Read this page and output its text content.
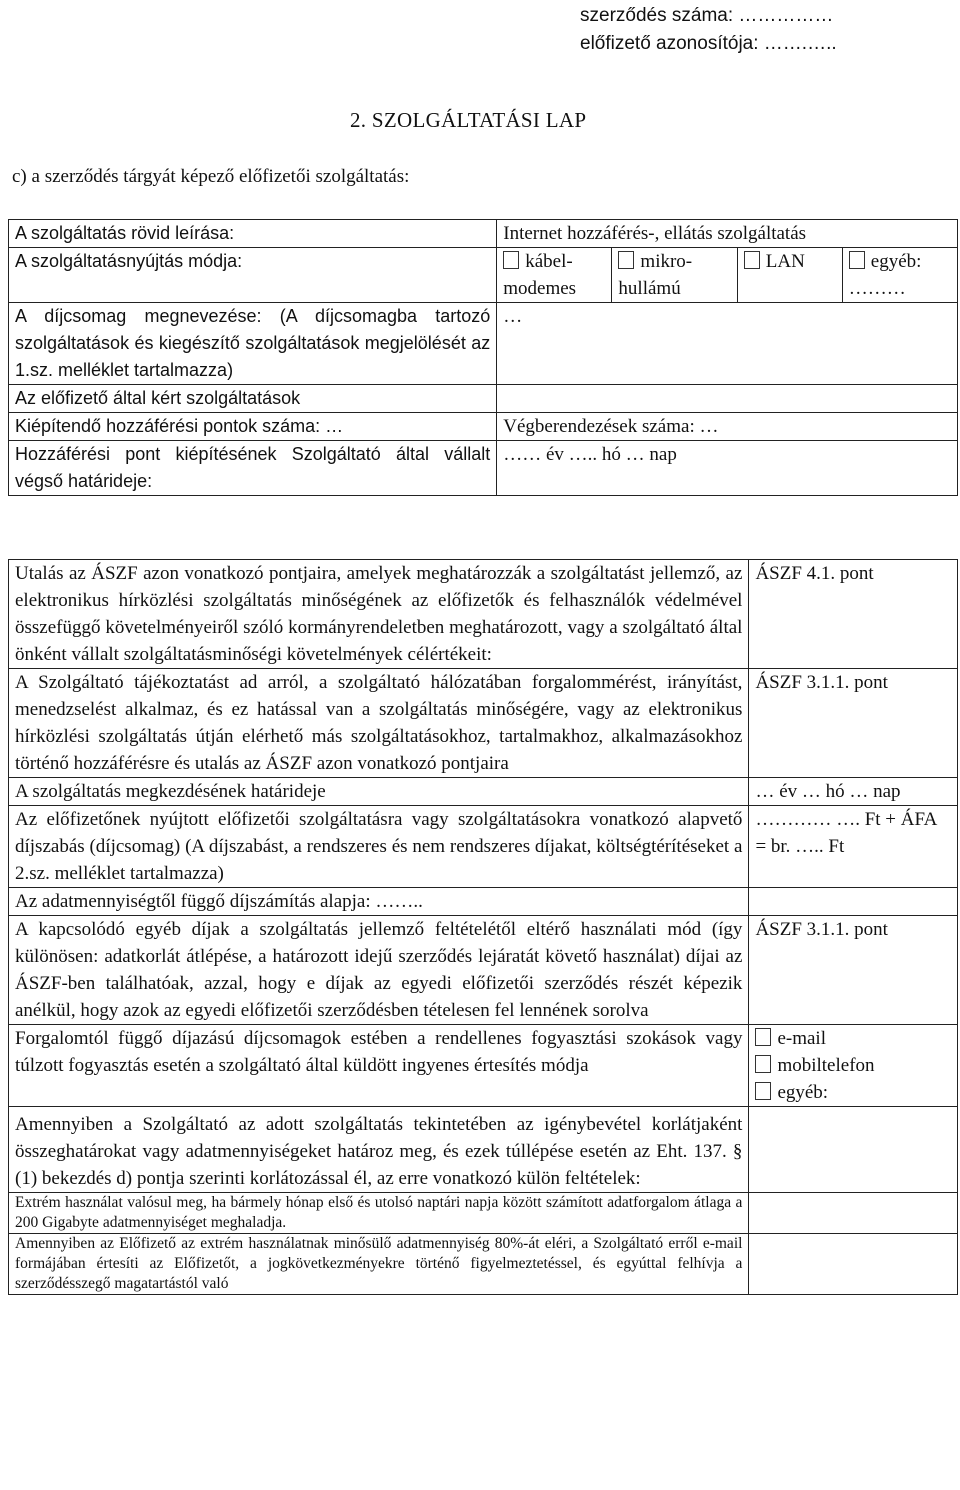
szerződés száma: ……………
előfizető azonosítója: …….…..
2. SZOLGÁLTATÁSI LAP
c) a szerződés tárgyát képező előfizetői szolgáltatás:
A szolgáltatás rövid leírása:	Internet hozzáférés-, ellátás szolgáltatás			
A szolgáltatásnyújtás módja:	kábel-modemes	mikro-hullámú	LAN	egyéb: ………
A díjcsomag megnevezése: (A díjcsomagba tartozó szolgáltatások és kiegészítő szolgáltatások megjelölését az 1.sz. melléklet tartalmazza)	…			
Az előfizető által kért szolgáltatások				
Kiépítendő hozzáférési pontok száma: …	Végberendezések száma: …			
Hozzáférési pont kiépítésének Szolgáltató által vállalt végső határideje:	…… év ….. hó … nap			
Utalás az ÁSZF azon vonatkozó pontjaira, amelyek meghatározzák a szolgáltatást jellemző, az elektronikus hírközlési szolgáltatás minőségének az előfizetők és felhasználók védelmével összefüggő követelményeiről szóló kormányrendeletben meghatározott, vagy a szolgáltató által önként vállalt szolgáltatásminőségi követelmények célértékeit:	ÁSZF 4.1. pont
A Szolgáltató tájékoztatást ad arról, a szolgáltató hálózatában forgalommérést, irányítást, menedzselést alkalmaz, és ez hatással van a szolgáltatás minőségére, vagy az elektronikus hírközlési szolgáltatás útján elérhető más szolgáltatásokhoz, tartalmakhoz, alkalmazásokhoz történő hozzáférésre és utalás az ÁSZF azon vonatkozó pontjaira	ÁSZF 3.1.1. pont
A szolgáltatás megkezdésének határideje	… év … hó … nap
Az előfizetőnek nyújtott előfizetői szolgáltatásra vagy szolgáltatásokra vonatkozó alapvető díjszabás (díjcsomag) (A díjszabást, a rendszeres és nem rendszeres díjakat, költségtérítéseket a 2.sz. melléklet tartalmazza)	………… …. Ft + ÁFA = br. ….. Ft
Az adatmennyiségtől függő díjszámítás alapja: ……..	
A kapcsolódó egyéb díjak a szolgáltatás jellemző feltételétől eltérő használati mód (így különösen: adatkorlát átlépése, a határozott idejű szerződés lejáratát követő használat) díjai az ÁSZF-ben találhatóak, azzal, hogy e díjak az egyedi előfizetői szerződés részét képezik anélkül, hogy azok az egyedi előfizetői szerződésben tételesen fel lennének sorolva	ÁSZF 3.1.1. pont
Forgalomtól függő díjazású díjcsomagok estében a rendellenes fogyasztási szokások vagy túlzott fogyasztás esetén a szolgáltató által küldött ingyenes értesítés módja	e-mail
mobiltelefon
egyéb:

Amennyiben a Szolgáltató az adott szolgáltatás tekintetében az igénybevétel korlátjaként összeghatárokat vagy adatmennyiségeket határoz meg, és ezek túllépése esetén az Eht. 137. § (1) bekezdés d) pontja szerinti korlátozással él, az erre vonatkozó külön feltételek:	
Extrém használat valósul meg, ha bármely hónap első és utolsó naptári napja között számított adatforgalom átlaga a 200 Gigabyte adatmennyiséget meghaladja.	
Amennyiben az Előfizető az extrém használatnak minősülő adatmennyiség 80%-át eléri, a Szolgáltató erről e-mail formájában értesíti az Előfizetőt, a jogkövetkezményekre történő figyelmeztetéssel, és egyúttal felhívja a szerződésszegő magatartástól való	
